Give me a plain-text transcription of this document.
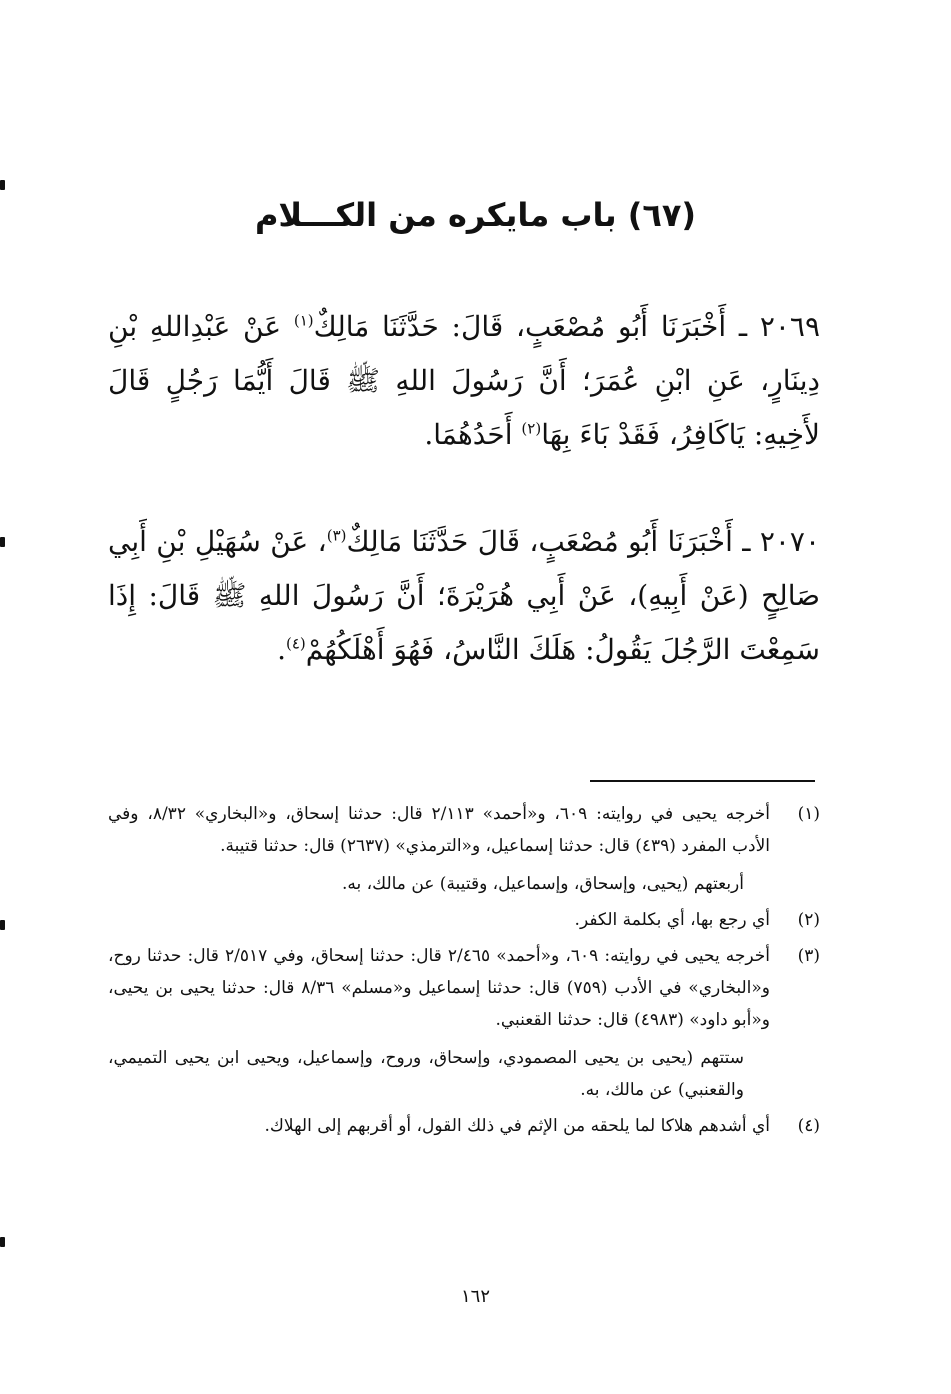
(٦٧) باب مايكره من الكـــلام

٢٠٦٩ ـ أَخْبَرَنَا أَبُو مُصْعَبٍ، قَالَ: حَدَّثَنَا مَالِكٌ$^{(١)}$ عَنْ عَبْدِاللهِ بْنِ دِينَارٍ، عَنِ ابْنِ عُمَرَ؛ أَنَّ رَسُولَ اللهِ ﷺ قَالَ أَيُّمَا رَجُلٍ قَالَ لأَخِيهِ: يَاكَافِرُ، فَقَدْ بَاءَ بِهَا$^{(٢)}$ أَحَدُهُمَا.

٢٠٧٠ ـ أَخْبَرَنَا أَبُو مُصْعَبٍ، قَالَ حَدَّثَنَا مَالِكٌ$^{(٣)}$، عَنْ سُهَيْلِ بْنِ أَبِي صَالِحٍ (عَنْ أَبِيهِ)، عَنْ أَبِي هُرَيْرَةَ؛ أَنَّ رَسُولَ اللهِ ﷺ قَالَ: إِذَا سَمِعْتَ الرَّجُلَ يَقُولُ: هَلَكَ النَّاسُ، فَهُوَ أَهْلَكُهُمْ$^{(٤)}$.

(١)
أخرجه يحيى في روايته: ٦٠٩، و«أحمد» ٢/١١٣ قال: حدثنا إسحاق، و«البخاري» ٨/٣٢، وفي الأدب المفرد (٤٣٩) قال: حدثنا إسماعيل، و«الترمذي» (٢٦٣٧) قال: حدثنا قتيبة.
أربعتهم (يحيى، وإسحاق، وإسماعيل، وقتيبة) عن مالك، به.
(٢)
أي رجع بها، أي بكلمة الكفر.
(٣)
أخرجه يحيى في روايته: ٦٠٩، و«أحمد» ٢/٤٦٥ قال: حدثنا إسحاق، وفي ٢/٥١٧ قال: حدثنا روح، و«البخاري» في الأدب (٧٥٩) قال: حدثنا إسماعيل و«مسلم» ٨/٣٦ قال: حدثنا يحيى بن يحيى، و«أبو داود» (٤٩٨٣) قال: حدثنا القعنبي.
ستتهم (يحيى بن يحيى المصمودي، وإسحاق، وروح، وإسماعيل، ويحيى ابن يحيى التميمي، والقعنبي) عن مالك، به.
(٤)
أي أشدهم هلاكا لما يلحقه من الإثم في ذلك القول، أو أقربهم إلى الهلاك.
١٦٢
